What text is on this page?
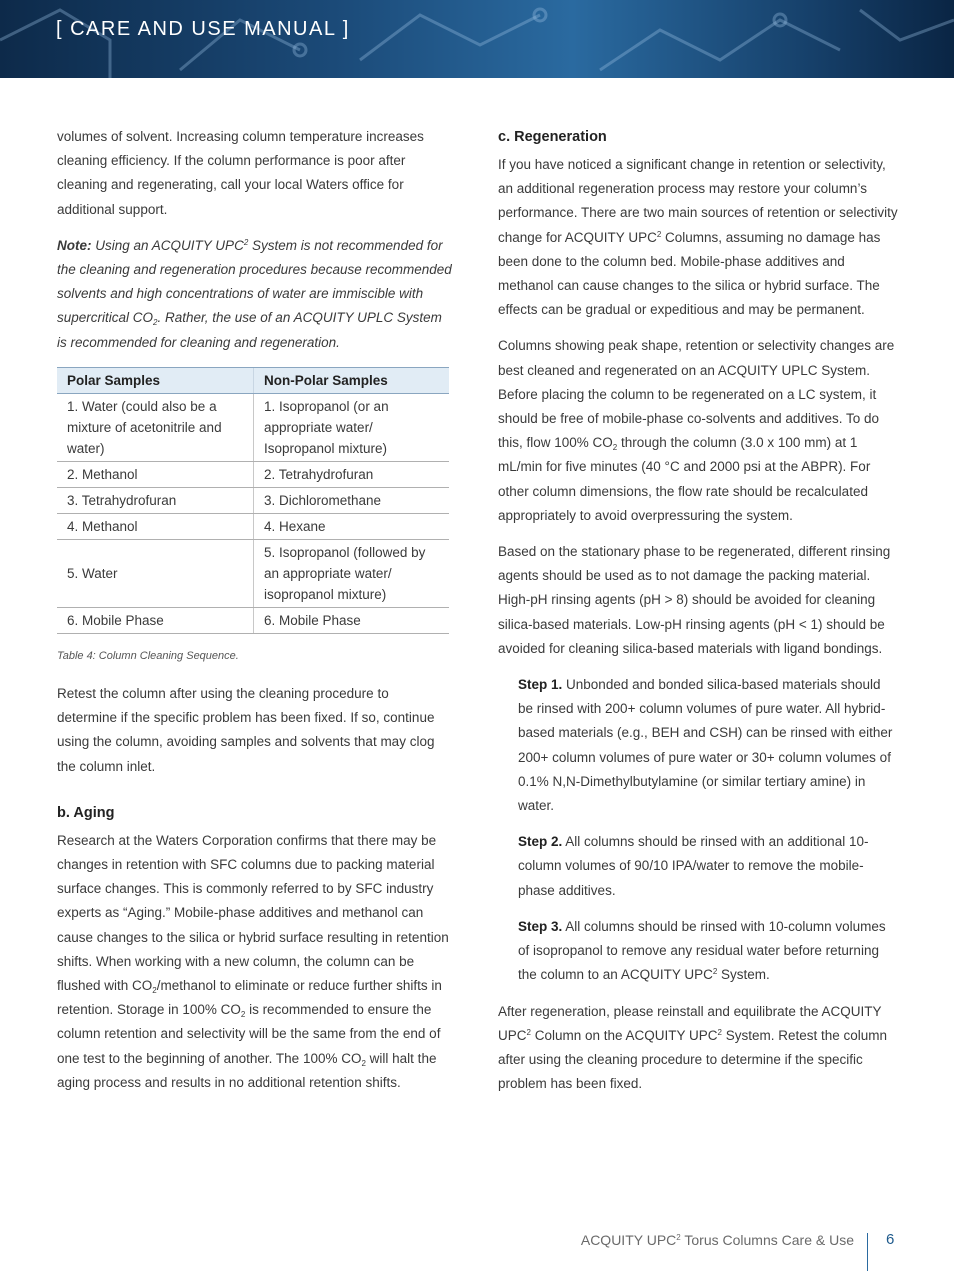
[ CARE AND USE MANUAL ]

volumes of solvent. Increasing column temperature increases cleaning efficiency. If the column performance is poor after cleaning and regenerating, call your local Waters office for additional support.

Note: Using an ACQUITY UPC$^2$ System is not recommended for the cleaning and regeneration procedures because recommended solvents and high concentrations of water are immiscible with supercritical $CO_2$. Rather, the use of an ACQUITY UPLC System is recommended for cleaning and regeneration.

Polar Samples	Non-Polar Samples
1. Water (could also be a mixture of acetonitrile and water)	1. Isopropanol (or an appropriate water/ Isopropanol mixture)
2. Methanol	2. Tetrahydrofuran
3. Tetrahydrofuran	3. Dichloromethane
4. Methanol	4. Hexane
5. Water	5. Isopropanol (followed by an appropriate water/ isopropanol mixture)
6. Mobile Phase	6. Mobile Phase

Table 4: Column Cleaning Sequence.

Retest the column after using the cleaning procedure to determine if the specific problem has been fixed. If so, continue using the column, avoiding samples and solvents that may clog the column inlet.

b. Aging

Research at the Waters Corporation confirms that there may be changes in retention with SFC columns due to packing material surface changes. This is commonly referred to by SFC industry experts as “Aging.” Mobile-phase additives and methanol can cause changes to the silica or hybrid surface resulting in retention shifts. When working with a new column, the column can be flushed with $CO_2$/methanol to eliminate or reduce further shifts in retention. Storage in 100% $CO_2$ is recommended to ensure the column retention and selectivity will be the same from the end of one test to the beginning of another. The 100% $CO_2$ will halt the aging process and results in no additional retention shifts.

c. Regeneration

If you have noticed a significant change in retention or selectivity, an additional regeneration process may restore your column’s performance. There are two main sources of retention or selectivity change for ACQUITY UPC$^2$ Columns, assuming no damage has been done to the column bed. Mobile-phase additives and methanol can cause changes to the silica or hybrid surface. The effects can be gradual or expeditious and may be permanent.

Columns showing peak shape, retention or selectivity changes are best cleaned and regenerated on an ACQUITY UPLC System. Before placing the column to be regenerated on a LC system, it should be free of mobile-phase co-solvents and additives. To do this, flow 100% $CO_2$ through the column (3.0 x 100 mm) at 1 mL/min for five minutes (40 °C and 2000 psi at the ABPR). For other column dimensions, the flow rate should be recalculated appropriately to avoid overpressuring the system.

Based on the stationary phase to be regenerated, different rinsing agents should be used as to not damage the packing material. High-pH rinsing agents (pH > 8) should be avoided for cleaning silica-based materials. Low-pH rinsing agents (pH < 1) should be avoided for cleaning silica-based materials with ligand bondings.

Step 1. Unbonded and bonded silica-based materials should be rinsed with 200+ column volumes of pure water. All hybrid-based materials (e.g., BEH and CSH) can be rinsed with either 200+ column volumes of pure water or 30+ column volumes of 0.1% N,N-Dimethylbutylamine (or similar tertiary amine) in water.

Step 2. All columns should be rinsed with an additional 10-column volumes of 90/10 IPA/water to remove the mobile-phase additives.

Step 3. All columns should be rinsed with 10-column volumes of isopropanol to remove any residual water before returning the column to an ACQUITY UPC$^2$ System.

After regeneration, please reinstall and equilibrate the ACQUITY UPC$^2$ Column on the ACQUITY UPC$^2$ System. Retest the column after using the cleaning procedure to determine if the specific problem has been fixed.

ACQUITY UPC$^2$ Torus Columns Care & Use 6
